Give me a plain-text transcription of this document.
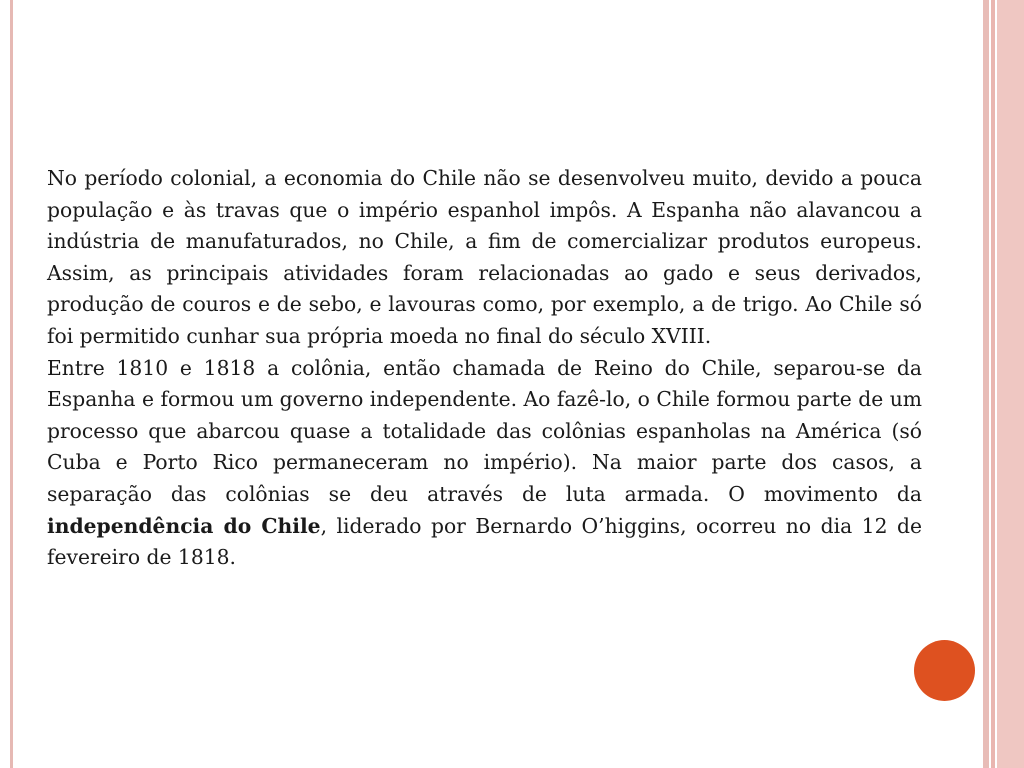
No período colonial, a economia do Chile não se desenvolveu muito, devido a pouca população e às travas que o império espanhol impôs. A Espanha não alavancou a indústria de manufaturados, no Chile, a fim de comercializar produtos europeus. Assim, as principais atividades foram relacionadas ao gado e seus derivados, produção de couros e de sebo, e lavouras como, por exemplo, a de trigo. Ao Chile só foi permitido cunhar sua própria moeda no final do século XVIII.

Entre 1810 e 1818 a colônia, então chamada de Reino do Chile, separou-se da Espanha e formou um governo independente. Ao fazê-lo, o Chile formou parte de um processo que abarcou quase a totalidade das colônias espanholas na América (só Cuba e Porto Rico permaneceram no império). Na maior parte dos casos, a separação das colônias se deu através de luta armada. O movimento da independência do Chile, liderado por Bernardo O’higgins, ocorreu no dia 12 de fevereiro de 1818.
